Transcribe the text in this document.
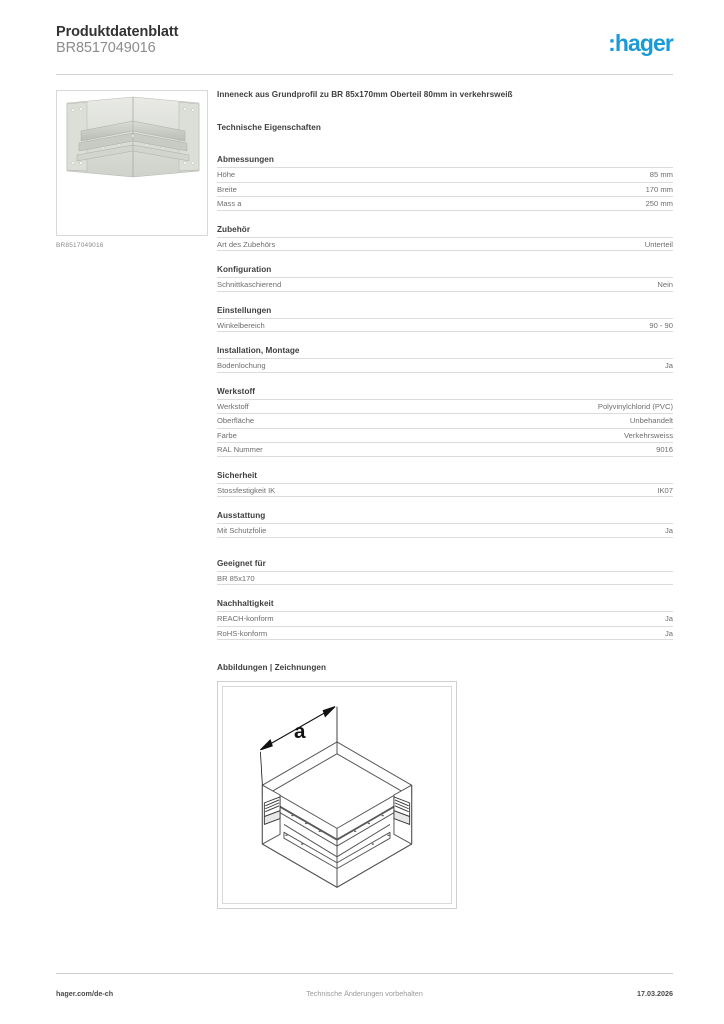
Produktdatenblatt
BR8517049016	:hager
BR8517049016
Inneneck aus Grundprofil zu BR 85x170mm Oberteil 80mm in verkehrsweiß
Technische Eigenschaften
Abmessungen
Höhe	85 mm
Breite	170 mm
Mass a	250 mm
Zubehör
Art des Zubehörs	Unterteil
Konfiguration
Schnittkaschierend	Nein
Einstellungen
Winkelbereich	90 - 90
Installation, Montage
Bodenlochung	Ja
Werkstoff
Werkstoff	Polyvinylchlorid (PVC)
Oberfläche	Unbehandelt
Farbe	Verkehrsweiss
RAL Nummer	9016
Sicherheit
Stossfestigkeit IK	IK07
Ausstattung
Mit Schutzfolie	Ja
Geeignet für
BR 85x170
Nachhaltigkeit
REACH-konform	Ja
RoHS-konform	Ja
Abbildungen | Zeichnungen
a
hager.com/de-ch	Technische Änderungen vorbehalten	17.03.2026
